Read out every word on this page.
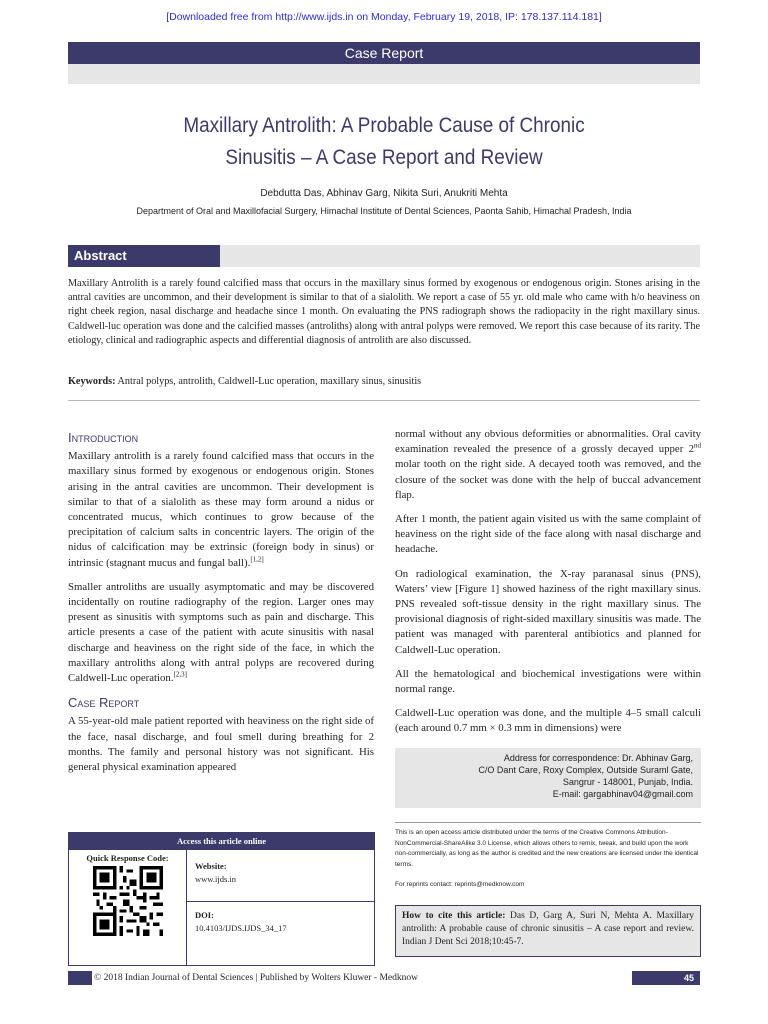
[Downloaded free from http://www.ijds.in on Monday, February 19, 2018, IP: 178.137.114.181]
Case Report
Maxillary Antrolith: A Probable Cause of Chronic
Sinusitis – A Case Report and Review
Debdutta Das, Abhinav Garg, Nikita Suri, Anukriti Mehta
Department of Oral and Maxillofacial Surgery, Himachal Institute of Dental Sciences, Paonta Sahib, Himachal Pradesh, India
Abstract
Maxillary Antrolith is a rarely found calcified mass that occurs in the maxillary sinus formed by exogenous or endogenous origin. Stones arising in the antral cavities are uncommon, and their development is similar to that of a sialolith. We report a case of 55 yr. old male who came with h/o heaviness on right cheek region, nasal discharge and headache since 1 month. On evaluating the PNS radiograph shows the radiopacity in the right maxillary sinus. Caldwell-luc operation was done and the calcified masses (antroliths) along with antral polyps were removed. We report this case because of its rarity. The etiology, clinical and radiographic aspects and differential diagnosis of antrolith are also discussed.
Keywords: Antral polyps, antrolith, Caldwell-Luc operation, maxillary sinus, sinusitis
Introduction

Maxillary antrolith is a rarely found calcified mass that occurs in the maxillary sinus formed by exogenous or endogenous origin. Stones arising in the antral cavities are uncommon. Their development is similar to that of a sialolith as these may form around a nidus or concentrated mucus, which continues to grow because of the precipitation of calcium salts in concentric layers. The origin of the nidus of calcification may be extrinsic (foreign body in sinus) or intrinsic (stagnant mucus and fungal ball).[1,2]

Smaller antroliths are usually asymptomatic and may be discovered incidentally on routine radiography of the region. Larger ones may present as sinusitis with symptoms such as pain and discharge. This article presents a case of the patient with acute sinusitis with nasal discharge and heaviness on the right side of the face, in which the maxillary antroliths along with antral polyps are recovered during Caldwell-Luc operation.[2,3]

Case Report

A 55-year-old male patient reported with heaviness on the right side of the face, nasal discharge, and foul smell during breathing for 2 months. The family and personal history was not significant. His general physical examination appeared

normal without any obvious deformities or abnormalities. Oral cavity examination revealed the presence of a grossly decayed upper 2nd molar tooth on the right side. A decayed tooth was removed, and the closure of the socket was done with the help of buccal advancement flap.

After 1 month, the patient again visited us with the same complaint of heaviness on the right side of the face along with nasal discharge and headache.

On radiological examination, the X-ray paranasal sinus (PNS), Waters’ view [Figure 1] showed haziness of the right maxillary sinus. PNS revealed soft-tissue density in the right maxillary sinus. The provisional diagnosis of right-sided maxillary sinusitis was made. The patient was managed with parenteral antibiotics and planned for Caldwell-Luc operation.

All the hematological and biochemical investigations were within normal range.

Caldwell-Luc operation was done, and the multiple 4–5 small calculi (each around 0.7 mm × 0.3 mm in dimensions) were

Address for correspondence: Dr. Abhinav Garg,
C/O Dant Care, Roxy Complex, Outside Suraml Gate,
Sangrur - 148001, Punjab, India.
E-mail: gargabhinav04@gmail.com
This is an open access article distributed under the terms of the Creative Commons Attribution-NonCommercial-ShareAlike 3.0 License, which allows others to remix, tweak, and build upon the work non-commercially, as long as the author is credited and the new creations are licensed under the identical terms.
For reprints contact: reprints@medknow.com
How to cite this article: Das D, Garg A, Suri N, Mehta A. Maxillary antrolith: A probable cause of chronic sinusitis – A case report and review. Indian J Dent Sci 2018;10:45-7.
Access this article online
Quick Response Code:
Website:
www.ijds.in
DOI:
10.4103/IJDS.IJDS_34_17
© 2018 Indian Journal of Dental Sciences | Published by Wolters Kluwer - Medknow	45
